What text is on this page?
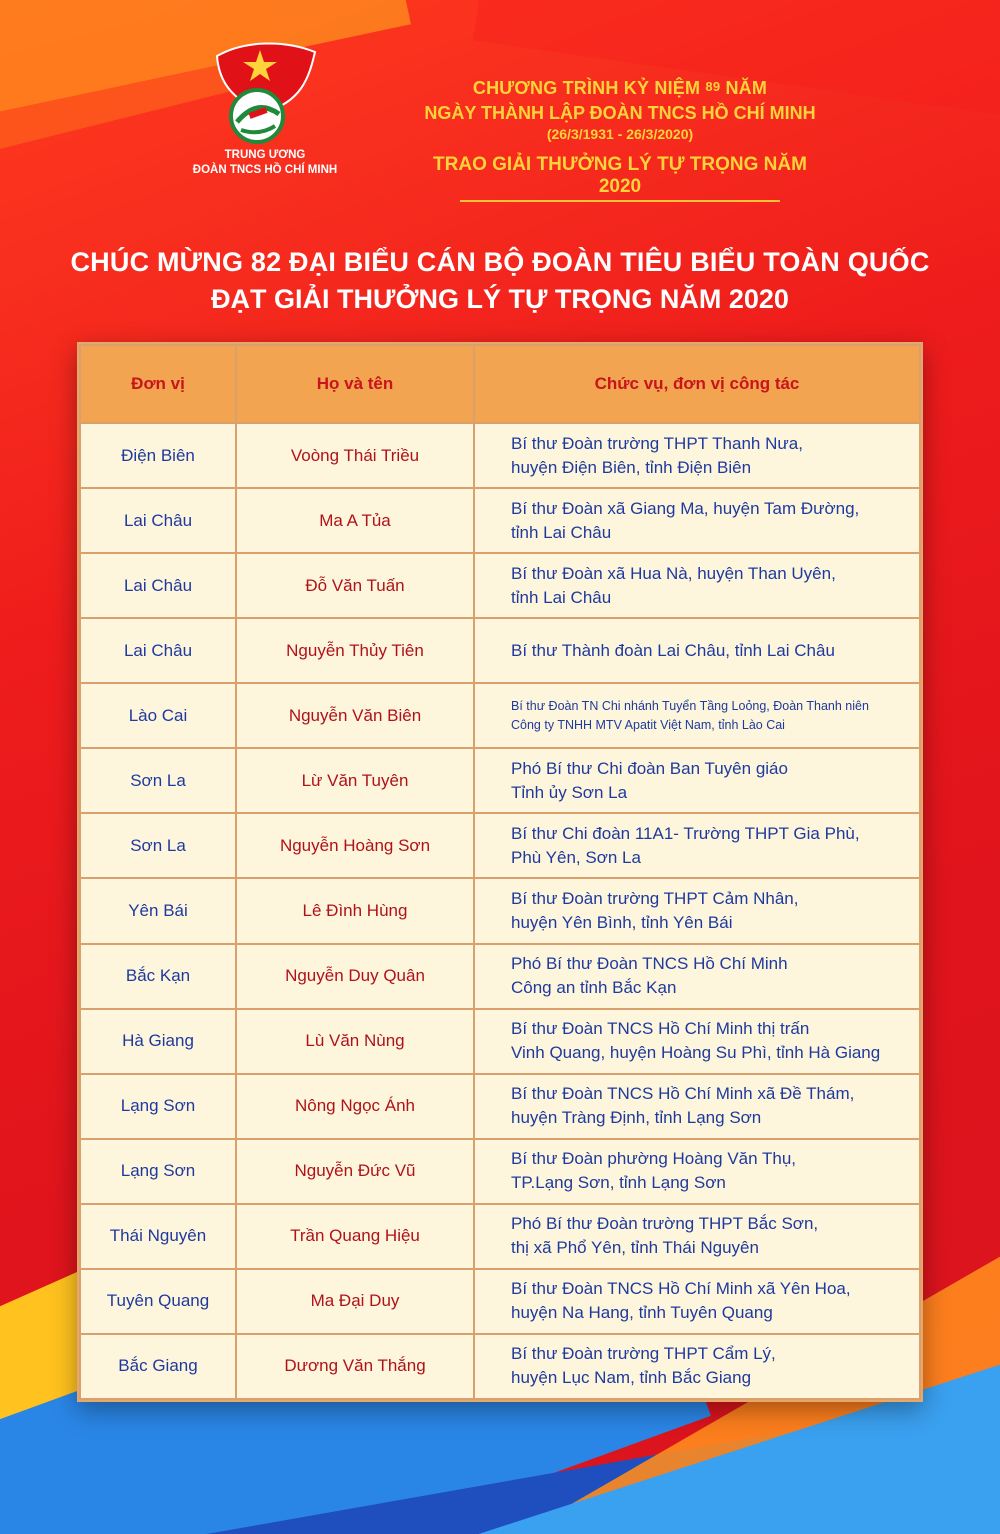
TRUNG ƯƠNG
ĐOÀN TNCS HỒ CHÍ MINH
CHƯƠNG TRÌNH KỶ NIỆM 89 NĂM
NGÀY THÀNH LẬP ĐOÀN TNCS HỒ CHÍ MINH
(26/3/1931 - 26/3/2020)
TRAO GIẢI THƯỞNG LÝ TỰ TRỌNG NĂM 2020
CHÚC MỪNG 82 ĐẠI BIỂU CÁN BỘ ĐOÀN TIÊU BIỂU TOÀN QUỐC
ĐẠT GIẢI THƯỞNG LÝ TỰ TRỌNG NĂM 2020
Đơn vị	Họ và tên	Chức vụ, đơn vị công tác
Điện Biên	Voòng Thái Triều	Bí thư Đoàn trường THPT Thanh Nưa,
huyện Điện Biên, tỉnh Điện Biên

Lai Châu	Ma A Tủa	Bí thư Đoàn xã Giang Ma, huyện Tam Đường,
tỉnh Lai Châu

Lai Châu	Đỗ Văn Tuấn	Bí thư Đoàn xã Hua Nà, huyện Than Uyên,
tỉnh Lai Châu

Lai Châu	Nguyễn Thủy Tiên	Bí thư Thành đoàn Lai Châu, tỉnh Lai Châu

Lào Cai	Nguyễn Văn Biên	Bí thư Đoàn TN Chi nhánh Tuyển Tầng Loỏng, Đoàn Thanh niên
Công ty TNHH MTV Apatit Việt Nam, tỉnh Lào Cai

Sơn La	Lừ Văn Tuyên	Phó Bí thư Chi đoàn Ban Tuyên giáo
Tỉnh ủy Sơn La

Sơn La	Nguyễn Hoàng Sơn	Bí thư Chi đoàn 11A1- Trường THPT Gia Phù,
Phù Yên, Sơn La

Yên Bái	Lê Đình Hùng	Bí thư Đoàn trường THPT Cảm Nhân,
huyện Yên Bình, tỉnh Yên Bái

Bắc Kạn	Nguyễn Duy Quân	Phó Bí thư Đoàn TNCS Hồ Chí Minh
Công an tỉnh Bắc Kạn

Hà Giang	Lù Văn Nùng	Bí thư Đoàn TNCS Hồ Chí Minh thị trấn
Vinh Quang, huyện Hoàng Su Phì, tỉnh Hà Giang

Lạng Sơn	Nông Ngọc Ánh	Bí thư Đoàn TNCS Hồ Chí Minh xã Đề Thám,
huyện Tràng Định, tỉnh Lạng Sơn

Lạng Sơn	Nguyễn Đức Vũ	Bí thư Đoàn phường Hoàng Văn Thụ,
TP.Lạng Sơn, tỉnh Lạng Sơn

Thái Nguyên	Trần Quang Hiệu	Phó Bí thư Đoàn trường THPT Bắc Sơn,
thị xã Phổ Yên, tỉnh Thái Nguyên

Tuyên Quang	Ma Đại Duy	Bí thư Đoàn TNCS Hồ Chí Minh xã Yên Hoa,
huyện Na Hang, tỉnh Tuyên Quang

Bắc Giang	Dương Văn Thắng	Bí thư Đoàn trường THPT Cẩm Lý,
huyện Lục Nam, tỉnh Bắc Giang
